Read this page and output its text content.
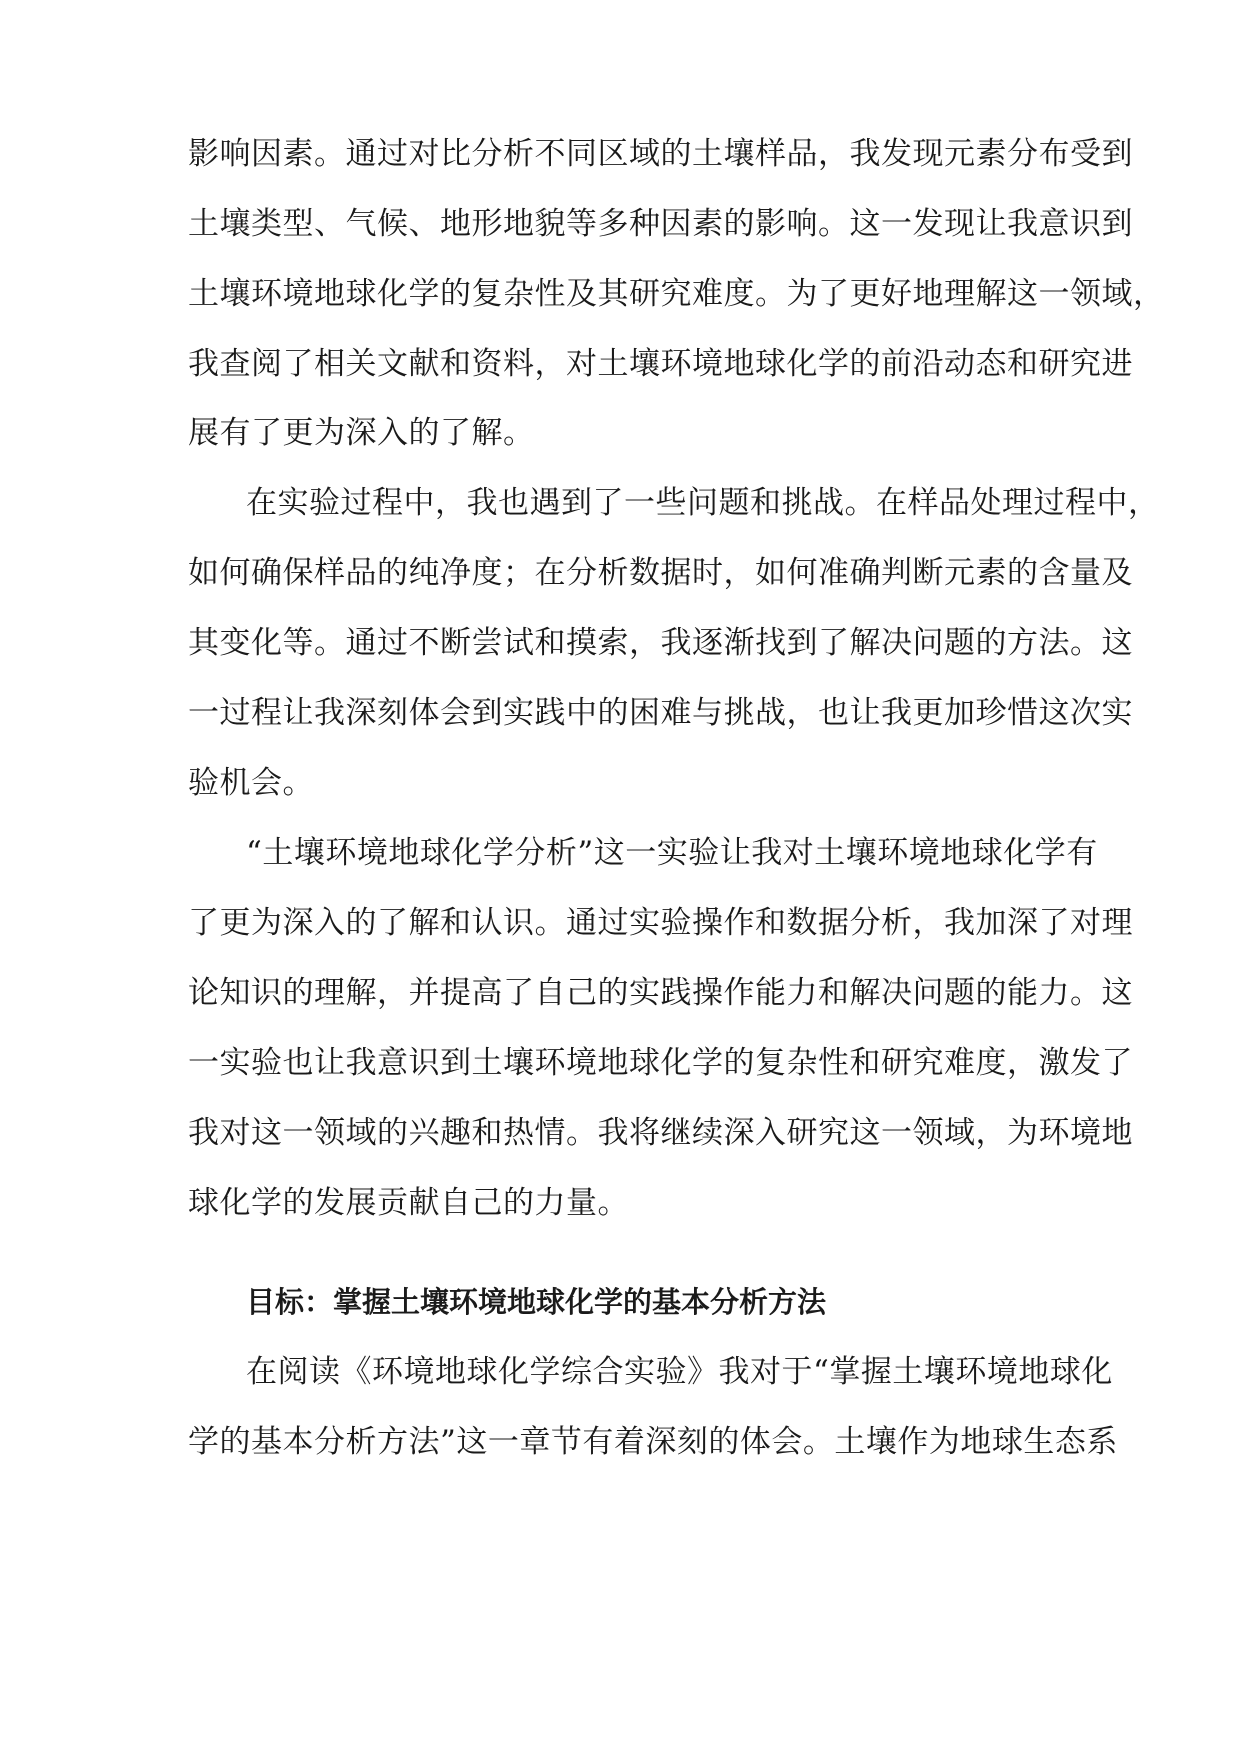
影响因素。通过对比分析不同区域的土壤样品，我发现元素分布受到
土壤类型、气候、地形地貌等多种因素的影响。这一发现让我意识到
土壤环境地球化学的复杂性及其研究难度。为了更好地理解这一领域，
我查阅了相关文献和资料，对土壤环境地球化学的前沿动态和研究进
展有了更为深入的了解。
在实验过程中，我也遇到了一些问题和挑战。在样品处理过程中，
如何确保样品的纯净度；在分析数据时，如何准确判断元素的含量及
其变化等。通过不断尝试和摸索，我逐渐找到了解决问题的方法。这
一过程让我深刻体会到实践中的困难与挑战，也让我更加珍惜这次实
验机会。
“土壤环境地球化学分析”这一实验让我对土壤环境地球化学有
了更为深入的了解和认识。通过实验操作和数据分析，我加深了对理
论知识的理解，并提高了自己的实践操作能力和解决问题的能力。这
一实验也让我意识到土壤环境地球化学的复杂性和研究难度，激发了
我对这一领域的兴趣和热情。我将继续深入研究这一领域，为环境地
球化学的发展贡献自己的力量。
目标：掌握土壤环境地球化学的基本分析方法
在阅读《环境地球化学综合实验》我对于“掌握土壤环境地球化
学的基本分析方法”这一章节有着深刻的体会。土壤作为地球生态系
